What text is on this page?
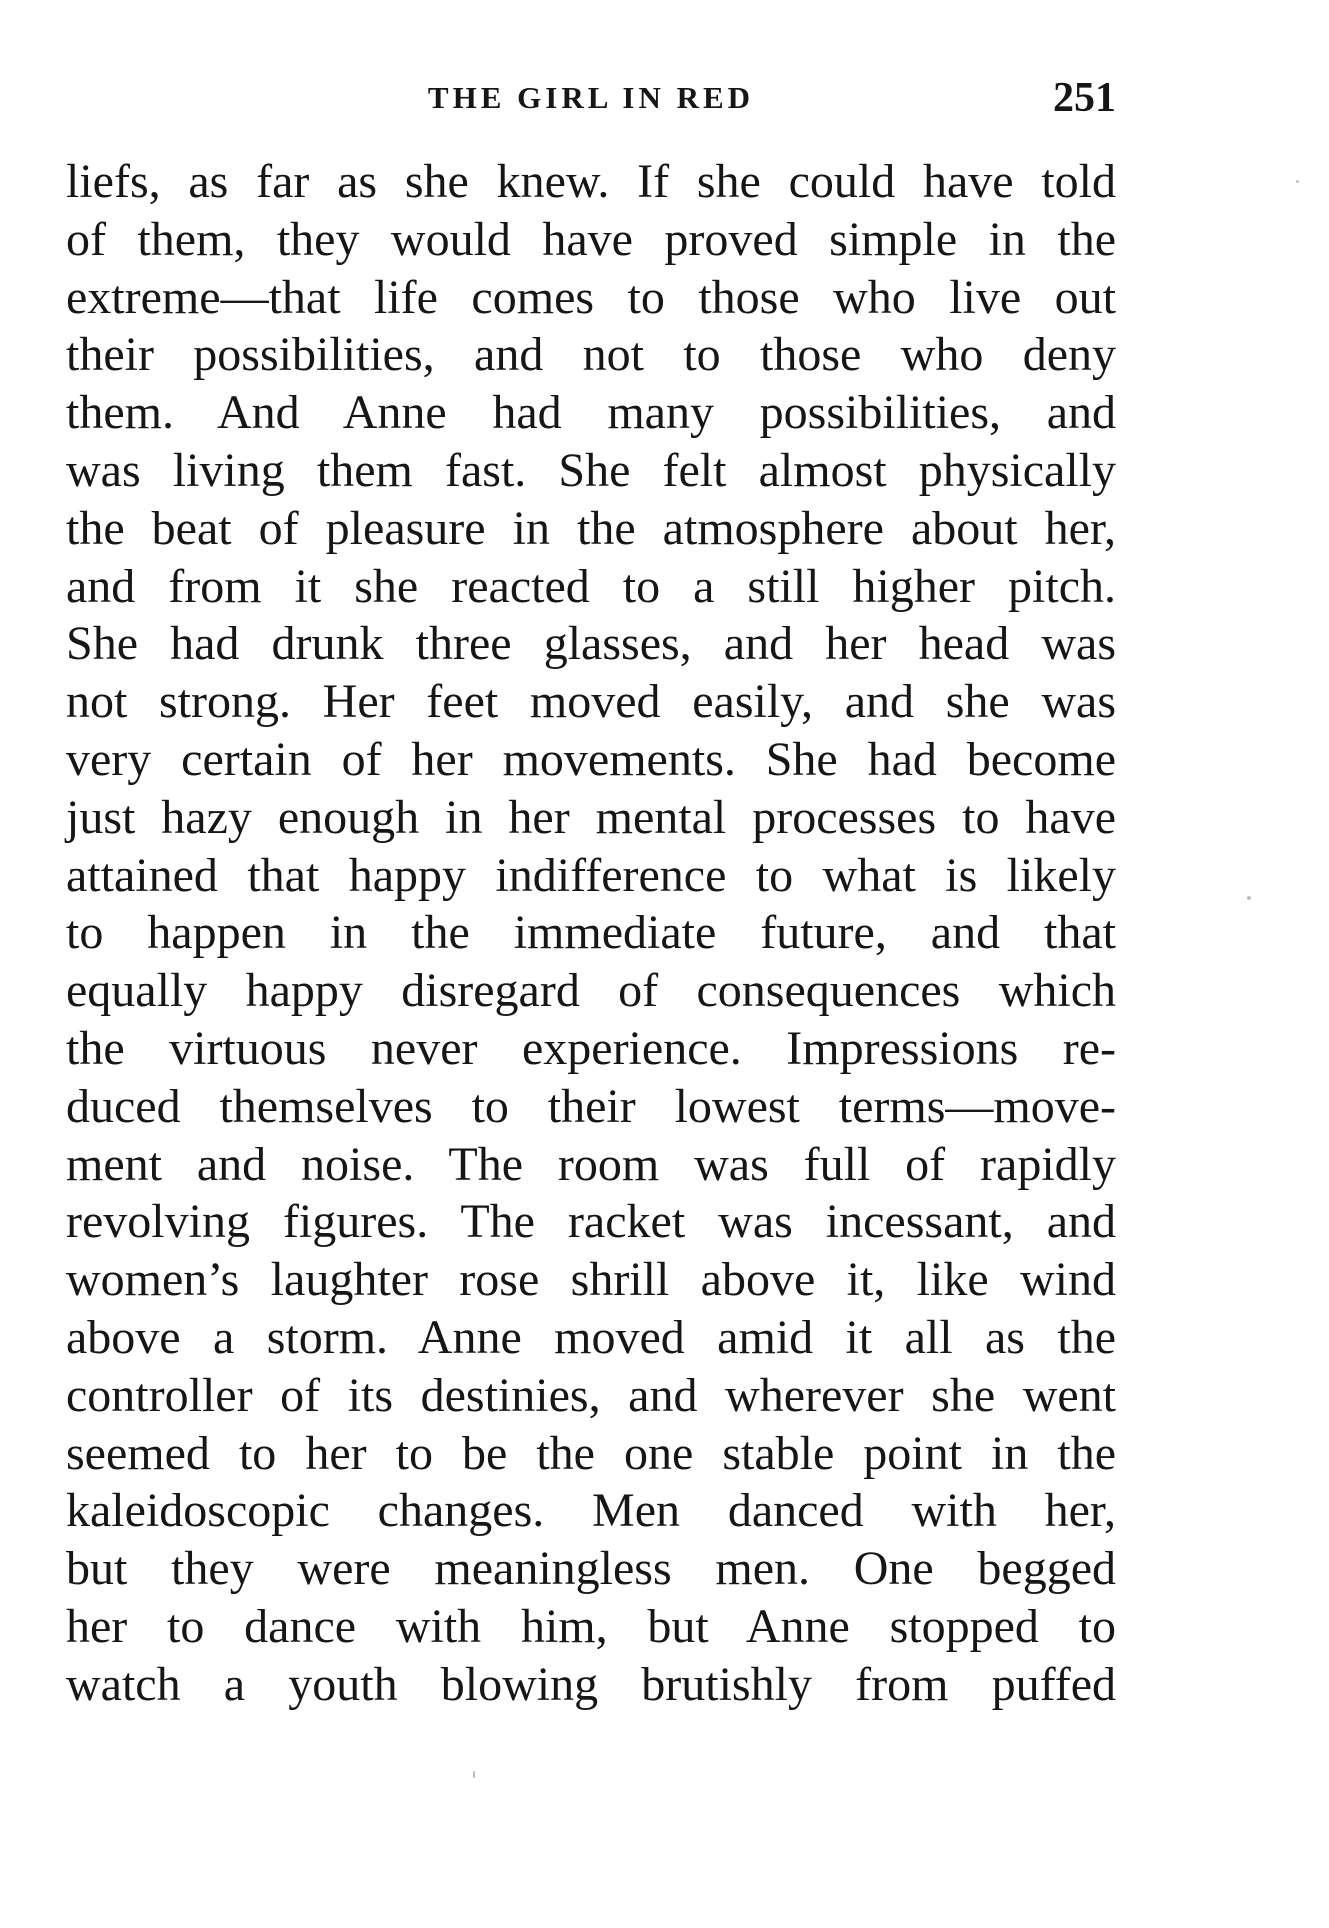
THE GIRL IN RED	251
liefs, as far as she knew. If she could have told
of them, they would have proved simple in the
extreme—that life comes to those who live out
their possibilities, and not to those who deny
them. And Anne had many possibilities, and
was living them fast. She felt almost physically
the beat of pleasure in the atmosphere about her,
and from it she reacted to a still higher pitch.
She had drunk three glasses, and her head was
not strong. Her feet moved easily, and she was
very certain of her movements. She had become
just hazy enough in her mental processes to have
attained that happy indifference to what is likely
to happen in the immediate future, and that
equally happy disregard of consequences which
the virtuous never experience. Impressions re-
duced themselves to their lowest terms—move-
ment and noise. The room was full of rapidly
revolving figures. The racket was incessant, and
women’s laughter rose shrill above it, like wind
above a storm. Anne moved amid it all as the
controller of its destinies, and wherever she went
seemed to her to be the one stable point in the
kaleidoscopic changes. Men danced with her,
but they were meaningless men. One begged
her to dance with him, but Anne stopped to
watch a youth blowing brutishly from puffed
